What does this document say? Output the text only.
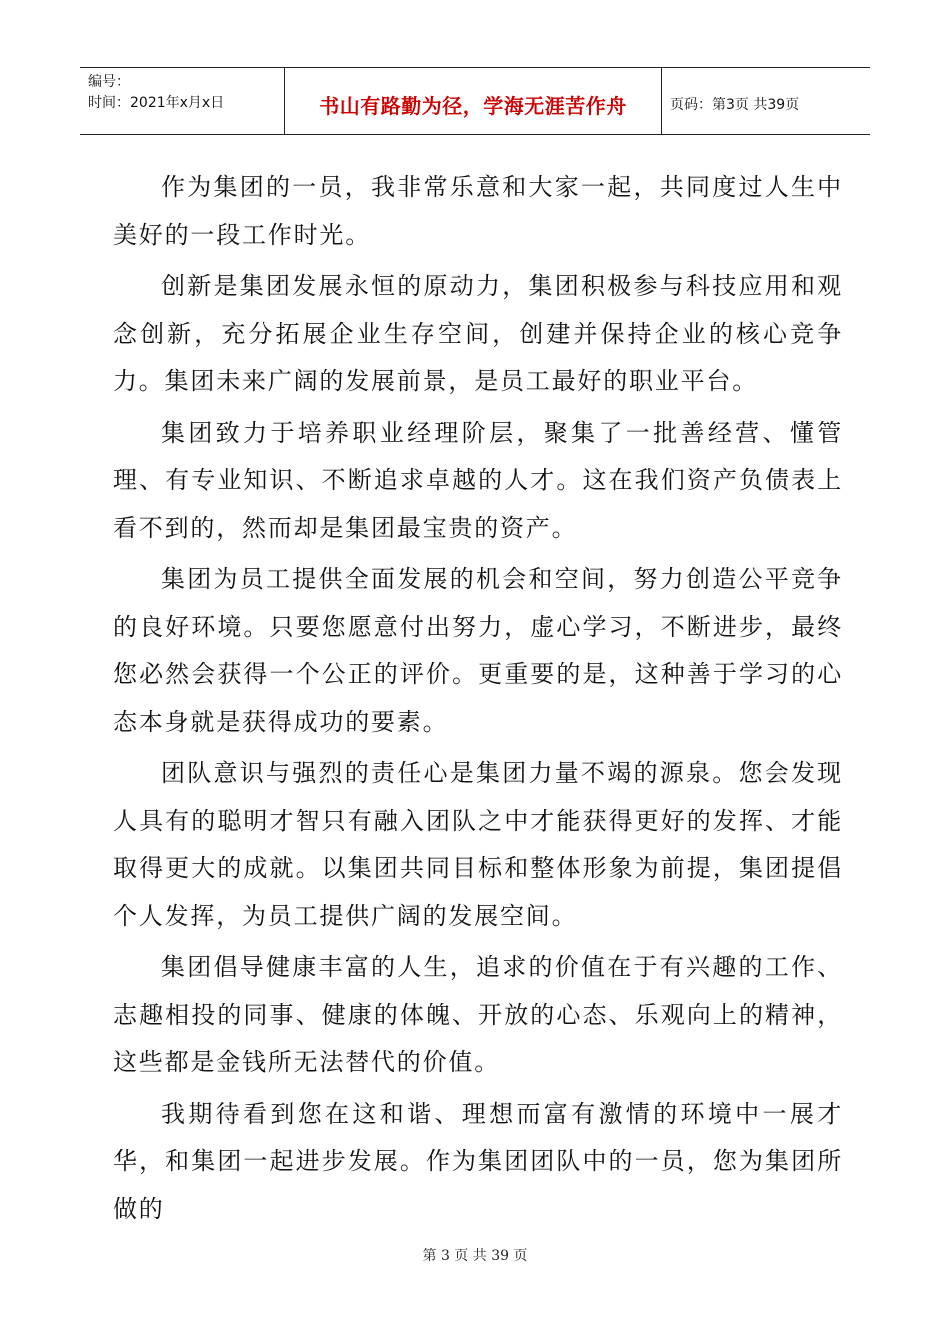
编号：
时间：2021年x月x日	书山有路勤为径，学海无涯苦作舟	页码：第3页 共39页

作为集团的一员，我非常乐意和大家一起，共同度过人生中美好的一段工作时光。

创新是集团发展永恒的原动力，集团积极参与科技应用和观念创新，充分拓展企业生存空间，创建并保持企业的核心竞争力。集团未来广阔的发展前景，是员工最好的职业平台。

集团致力于培养职业经理阶层，聚集了一批善经营、懂管理、有专业知识、不断追求卓越的人才。这在我们资产负债表上看不到的，然而却是集团最宝贵的资产。

集团为员工提供全面发展的机会和空间，努力创造公平竞争的良好环境。只要您愿意付出努力，虚心学习，不断进步，最终您必然会获得一个公正的评价。更重要的是，这种善于学习的心态本身就是获得成功的要素。

团队意识与强烈的责任心是集团力量不竭的源泉。您会发现人具有的聪明才智只有融入团队之中才能获得更好的发挥、才能取得更大的成就。以集团共同目标和整体形象为前提，集团提倡个人发挥，为员工提供广阔的发展空间。

集团倡导健康丰富的人生，追求的价值在于有兴趣的工作、志趣相投的同事、健康的体魄、开放的心态、乐观向上的精神，这些都是金钱所无法替代的价值。

我期待看到您在这和谐、理想而富有激情的环境中一展才华，和集团一起进步发展。作为集团团队中的一员，您为集团所做的

第 3 页 共 39 页
